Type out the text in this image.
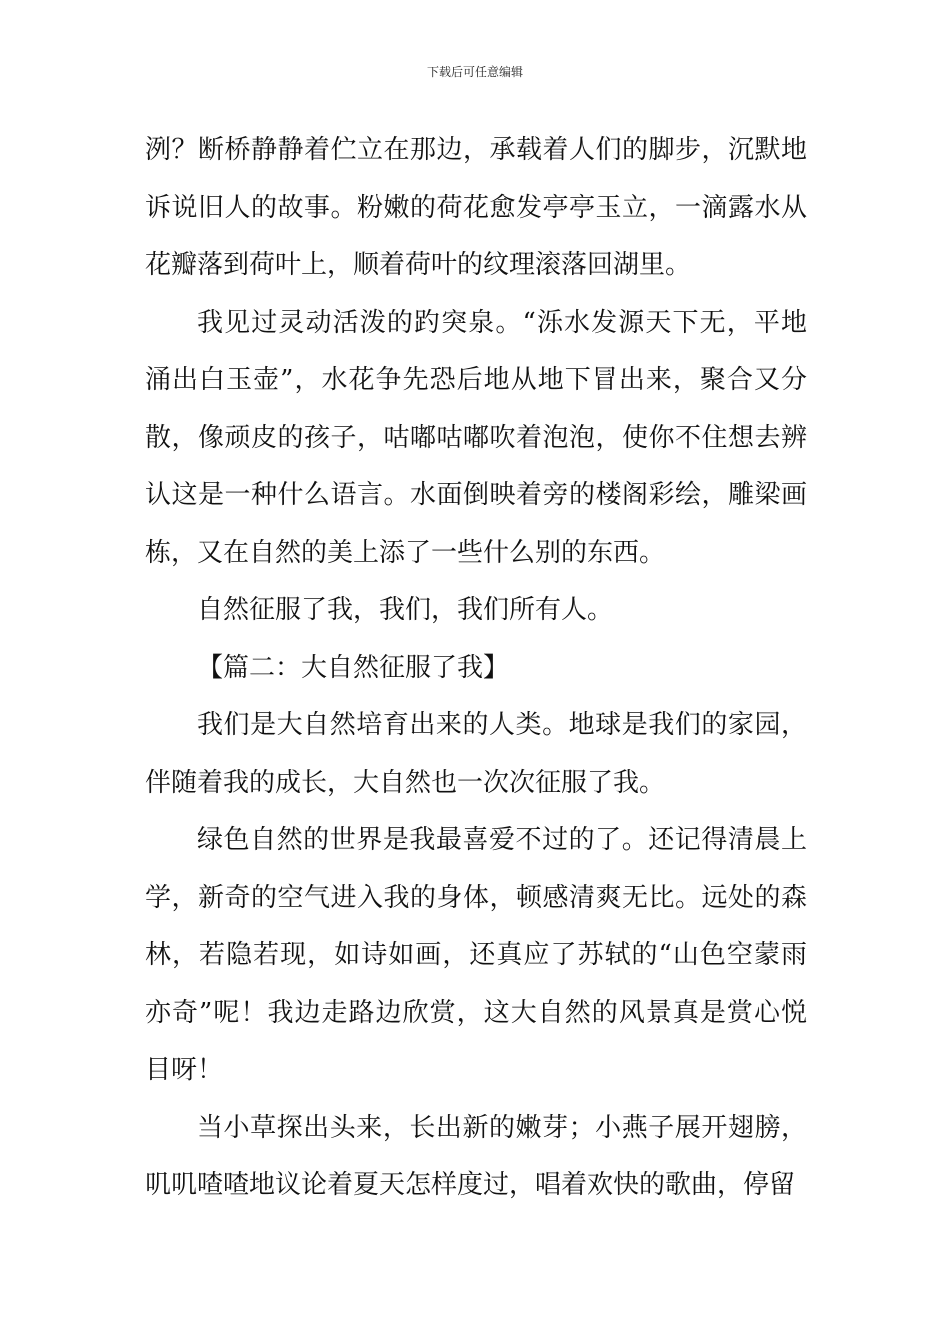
下载后可任意编辑

洌？断桥静静着伫立在那边，承载着人们的脚步，沉默地诉说旧人的故事。粉嫩的荷花愈发亭亭玉立，一滴露水从花瓣落到荷叶上，顺着荷叶的纹理滚落回湖里。

我见过灵动活泼的趵突泉。“泺水发源天下无，平地涌出白玉壶”，水花争先恐后地从地下冒出来，聚合又分散，像顽皮的孩子，咕嘟咕嘟吹着泡泡，使你不住想去辨认这是一种什么语言。水面倒映着旁的楼阁彩绘，雕梁画栋，又在自然的美上添了一些什么别的东西。

自然征服了我，我们，我们所有人。

【篇二：大自然征服了我】

我们是大自然培育出来的人类。地球是我们的家园，伴随着我的成长，大自然也一次次征服了我。

绿色自然的世界是我最喜爱不过的了。还记得清晨上学，新奇的空气进入我的身体，顿感清爽无比。远处的森林，若隐若现，如诗如画，还真应了苏轼的“山色空蒙雨亦奇”呢！我边走路边欣赏，这大自然的风景真是赏心悦目呀！

当小草探出头来，长出新的嫩芽；小燕子展开翅膀，叽叽喳喳地议论着夏天怎样度过，唱着欢快的歌曲，停留
